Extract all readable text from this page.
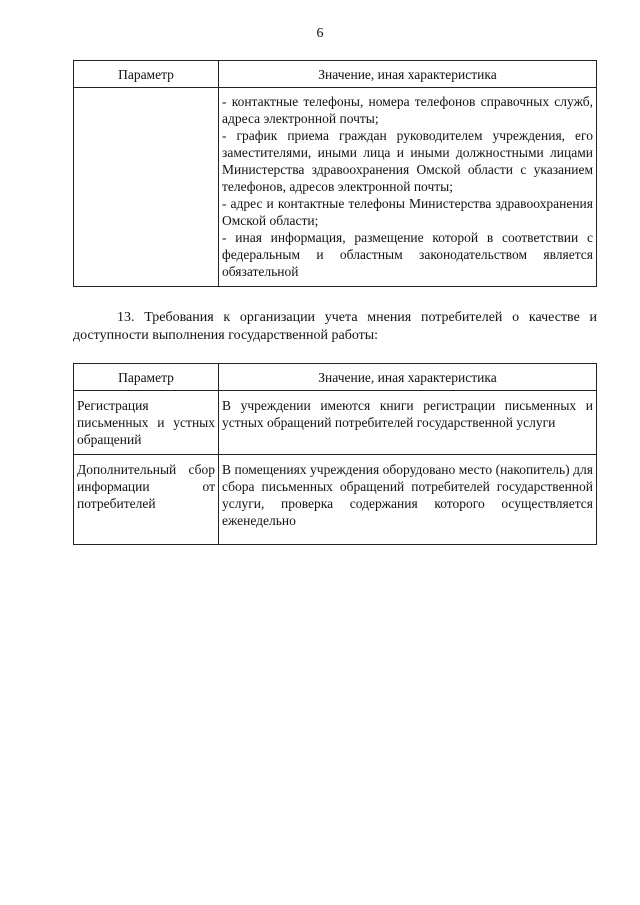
6
Параметр	Значение, иная характеристика

	- контактные телефоны, номера телефонов справочных служб, адреса электронной почты;
- график приема граждан руководителем учреждения, его заместителями, иными лица и иными должностными лицами Министерства здравоохранения Омской области с указанием телефонов, адресов электронной почты;
- адрес и контактные телефоны Министерства здравоохранения Омской области;
- иная информация, размещение которой в соответствии с федеральным и областным законодательством является обязательной
13. Требования к организации учета мнения потребителей о качестве и доступности выполнения государственной работы:
Параметр	Значение, иная характеристика
Регистрация письменных и устных обращений	В учреждении имеются книги регистрации письменных и устных обращений потребителей государственной услуги
Дополнительный сбор информации от потребителей	В помещениях учреждения оборудовано место (накопитель) для сбора письменных обращений потребителей государственной услуги, проверка содержания которого осуществляется еженедельно
